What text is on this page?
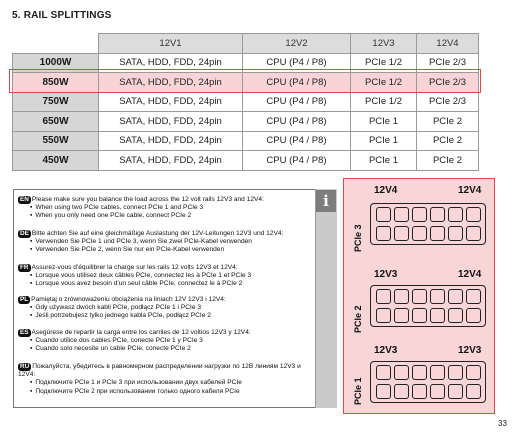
5. RAIL SPLITTINGS
	12V1	12V2	12V3	12V4
1000W	SATA, HDD, FDD, 24pin	CPU (P4 / P8)	PCIe 1/2	PCIe 2/3
850W	SATA, HDD, FDD, 24pin	CPU (P4 / P8)	PCIe 1/2	PCIe 2/3
750W	SATA, HDD, FDD, 24pin	CPU (P4 / P8)	PCIe 1/2	PCIe 2/3
650W	SATA, HDD, FDD, 24pin	CPU (P4 / P8)	PCIe 1	PCIe 2
550W	SATA, HDD, FDD, 24pin	CPU (P4 / P8)	PCIe 1	PCIe 2
450W	SATA, HDD, FDD, 24pin	CPU (P4 / P8)	PCIe 1	PCIe 2
i
EN Please make sure you balance the load across the 12 volt rails 12V3 and 12V4:
▪ When using two PCIe cables, connect PCIe 1 and PCIe 3
▪ When you only need one PCIe cable, connect PCIe 2
DE Bitte achten Sie auf eine gleichmäßige Auslastung der 12V-Leitungen 12V3 und 12V4:
▪ Verwenden Sie PCIe 1 und PCIe 3, wenn Sie zwei PCIe-Kabel verwenden
▪ Verwenden Sie PCIe 2, wenn Sie nur ein PCIe-Kabel verwenden
FR Assurez-vous d'équilibrer la charge sur les rails 12 volts 12V3 et 12V4:
▪ Lorsque vous utilisez deux câbles PCIe, connectez les à PCIe 1 et PCIe 3
▪ Lorsque vous avez besoin d'un seul câble PCIe, connectez le à PCIe 2
PL Pamiętaj o zrównoważeniu obciążenia na liniach 12V 12V3 i 12V4:
▪ Gdy używasz dwóch kabli PCIe, podłącz PCIe 1 i PCIe 3
▪ Jeśli potrzebujesz tylko jednego kabla PCIe, podłącz PCIe 2
ES Asegúrese de repartir la carga entre los carriles de 12 voltios 12V3 y 12V4:
▪ Cuando utilice dos cables PCIe, conecte PCIe 1 y PCIe 3
▪ Cuando solo necesite un cable PCIe, conecte PCIe 2
RU Пожалуйста, убедитесь в равномерном распределении нагрузки по 12В линиям 12V3 и 12V4:
▪ Подключите PCIe 1 и PCIe 3 при использовании двух кабелей PCIe
▪ Подключите PCIe 2 при использовании только одного кабеля PCIe
12V4	12V4
PCIe 3
12V3	12V4
PCIe 2
12V3	12V3
PCIe 1
33
